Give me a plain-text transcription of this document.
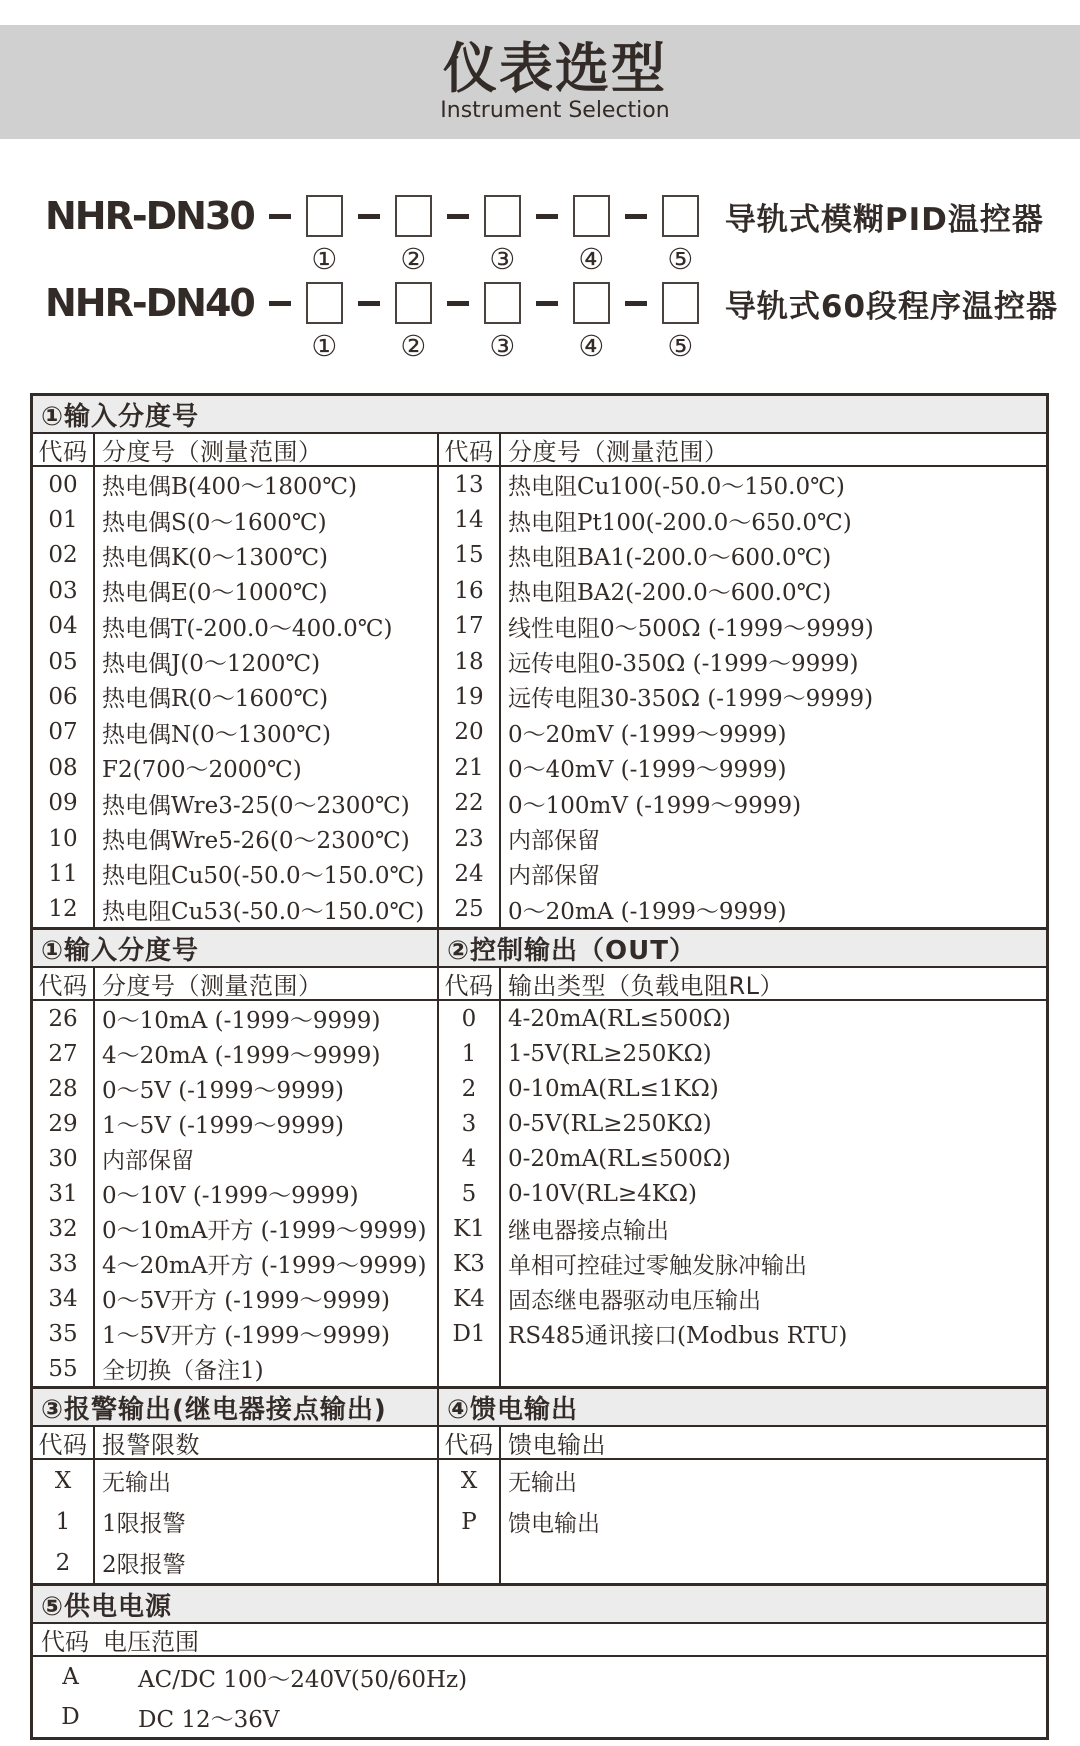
仪表选型
Instrument Selection
NHR-DN30
① ② ③ ④ ⑤
导轨式模糊PID温控器
NHR-DN40
① ② ③ ④ ⑤
导轨式60段程序温控器
①输入分度号
代码 分度号（测量范围）
00	热电偶B(400～1800℃)
01	热电偶S(0～1600℃)
02	热电偶K(0～1300℃)
03	热电偶E(0～1000℃)
04	热电偶T(-200.0～400.0℃)
05	热电偶J(0～1200℃)
06	热电偶R(0～1600℃)
07	热电偶N(0～1300℃)
08	F2(700～2000℃)
09	热电偶Wre3-25(0～2300℃)
10	热电偶Wre5-26(0～2300℃)
11	热电阻Cu50(-50.0～150.0℃)
12	热电阻Cu53(-50.0～150.0℃)
代码 分度号（测量范围）
13	热电阻Cu100(-50.0～150.0℃)
14	热电阻Pt100(-200.0～650.0℃)
15	热电阻BA1(-200.0～600.0℃)
16	热电阻BA2(-200.0～600.0℃)
17	线性电阻0～500Ω (-1999～9999)
18	远传电阻0-350Ω (-1999～9999)
19	远传电阻30-350Ω (-1999～9999)
20	0～20mV (-1999～9999)
21	0～40mV (-1999～9999)
22	0～100mV (-1999～9999)
23	内部保留
24	内部保留
25	0～20mA (-1999～9999)
①输入分度号	②控制输出（OUT）
代码 分度号（测量范围）
26	0～10mA (-1999～9999)
27	4～20mA (-1999～9999)
28	0～5V (-1999～9999)
29	1～5V (-1999～9999)
30	内部保留
31	0～10V (-1999～9999)
32	0～10mA开方 (-1999～9999)
33	4～20mA开方 (-1999～9999)
34	0～5V开方 (-1999～9999)
35	1～5V开方 (-1999～9999)
55	全切换（备注1)
代码 输出类型（负载电阻RL）
0	4-20mA(RL≤500Ω)
1	1-5V(RL≥250KΩ)
2	0-10mA(RL≤1KΩ)
3	0-5V(RL≥250KΩ)
4	0-20mA(RL≤500Ω)
5	0-10V(RL≥4KΩ)
K1	继电器接点输出
K3	单相可控硅过零触发脉冲输出
K4	固态继电器驱动电压输出
D1 RS485通讯接口(Modbus RTU)
③报警输出(继电器接点输出)	④馈电输出
代码 报警限数
X	无输出
1	1限报警
2	2限报警
代码 馈电输出
X	无输出
P	馈电输出
⑤供电电源
代码 电压范围
A	AC/DC 100～240V(50/60Hz)
D	DC 12～36V
